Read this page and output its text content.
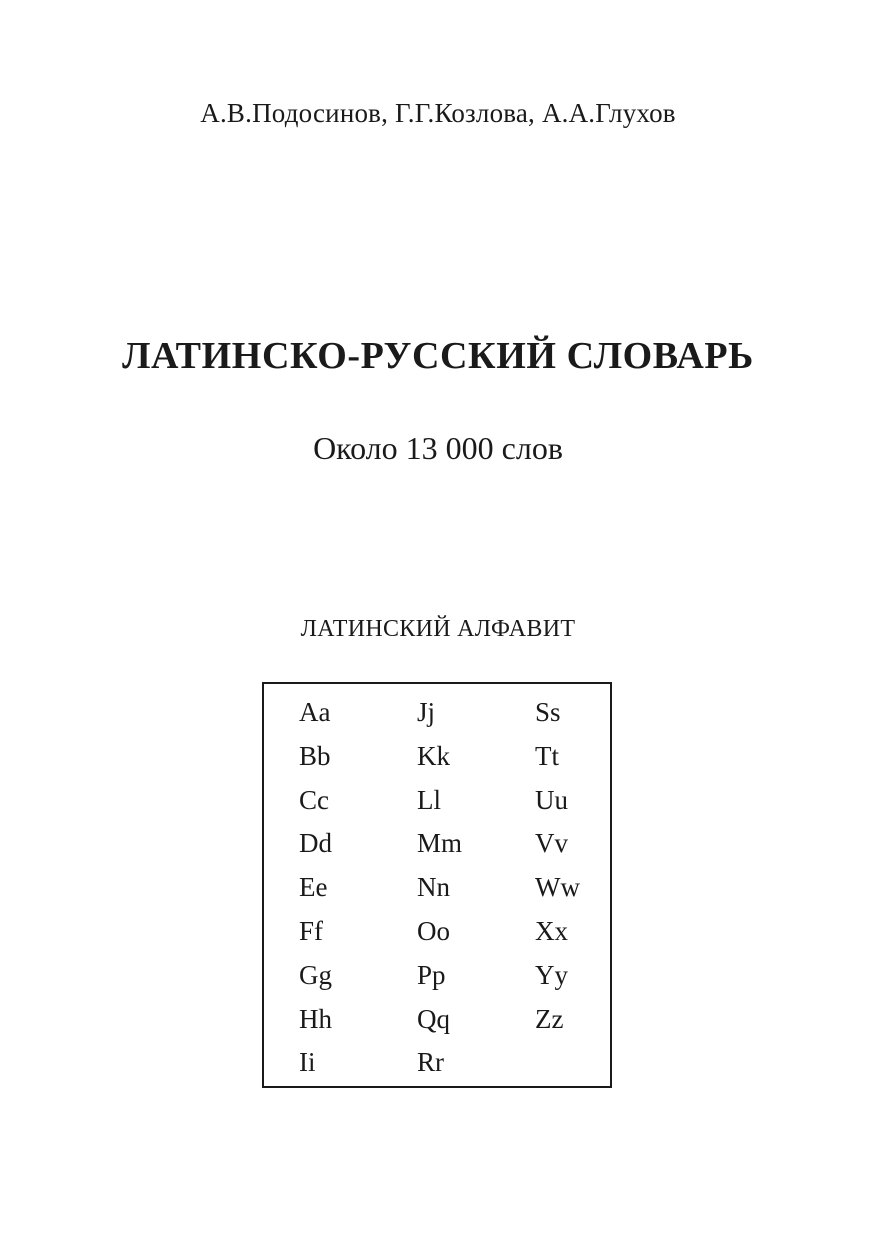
А.В.Подосинов, Г.Г.Козлова, А.А.Глухов
ЛАТИНСКО-РУССКИЙ СЛОВАРЬ
Около 13 000 слов
ЛАТИНСКИЙ АЛФАВИТ
Aa
Bb
Cc
Dd
Ee
Ff
Gg
Hh
Ii
Jj
Kk
Ll
Mm
Nn
Oo
Pp
Qq
Rr
Ss
Tt
Uu
Vv
Ww
Xx
Yy
Zz
